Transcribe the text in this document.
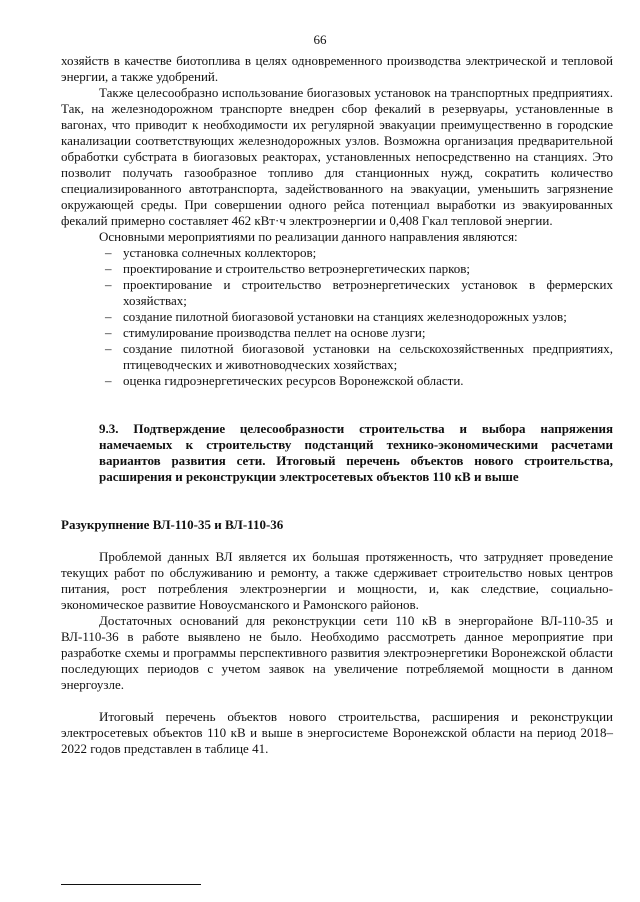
66

хозяйств в качестве биотоплива в целях одновременного производства электрической и тепловой энергии, а также удобрений.

Также целесообразно использование биогазовых установок на транспортных предприятиях. Так, на железнодорожном транспорте внедрен сбор фекалий в резервуары, установленные в вагонах, что приводит к необходимости их регулярной эвакуации преимущественно в городские канализации соответствующих железнодорожных узлов. Возможна организация предварительной обработки субстрата в биогазовых реакторах, установленных непосредственно на станциях. Это позволит получать газообразное топливо для станционных нужд, сократить количество специализированного автотранспорта, задействованного на эвакуации, уменьшить загрязнение окружающей среды. При совершении одного рейса потенциал выработки из эвакуированных фекалий примерно составляет 462 кВт·ч электроэнергии и 0,408 Гкал тепловой энергии.

Основными мероприятиями по реализации данного направления являются:

– установка солнечных коллекторов;
– проектирование и строительство ветроэнергетических парков;
– проектирование и строительство ветроэнергетических установок в фермерских хозяйствах;
– создание пилотной биогазовой установки на станциях железнодорожных узлов;
– стимулирование производства пеллет на основе лузги;
– создание пилотной биогазовой установки на сельскохозяйственных предприятиях, птицеводческих и животноводческих хозяйствах;
– оценка гидроэнергетических ресурсов Воронежской области.

9.3. Подтверждение целесообразности строительства и выбора напряжения намечаемых к строительству подстанций технико-экономическими расчетами вариантов развития сети. Итоговый перечень объектов нового строительства, расширения и реконструкции электросетевых объектов 110 кВ и выше

Разукрупнение ВЛ-110-35 и ВЛ-110-36

Проблемой данных ВЛ является их большая протяженность, что затрудняет проведение текущих работ по обслуживанию и ремонту, а также сдерживает строительство новых центров питания, рост потребления электроэнергии и мощности, и, как следствие, социально-экономическое развитие Новоусманского и Рамонского районов.

Достаточных оснований для реконструкции сети 110 кВ в энергорайоне ВЛ-110-35 и ВЛ-110-36 в работе выявлено не было. Необходимо рассмотреть данное мероприятие при разработке схемы и программы перспективного развития электроэнергетики Воронежской области последующих периодов с учетом заявок на увеличение потребляемой мощности в данном энергоузле.

Итоговый перечень объектов нового строительства, расширения и реконструкции электросетевых объектов 110 кВ и выше в энергосистеме Воронежской области на период 2018–2022 годов представлен в таблице 41.
